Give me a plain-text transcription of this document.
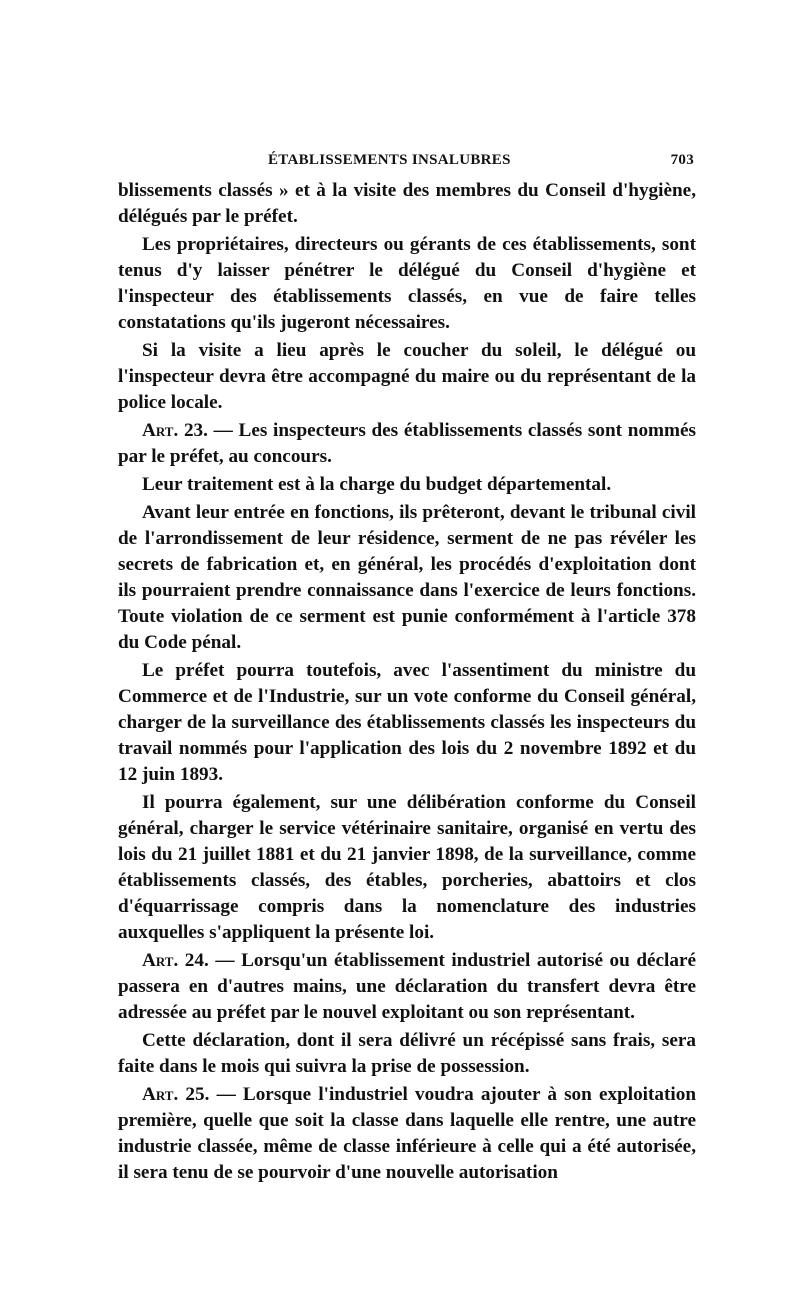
ÉTABLISSEMENTS INSALUBRES	703

blissements classés » et à la visite des membres du Conseil d'hygiène, délégués par le préfet.

Les propriétaires, directeurs ou gérants de ces établissements, sont tenus d'y laisser pénétrer le délégué du Conseil d'hygiène et l'inspecteur des établissements classés, en vue de faire telles constatations qu'ils jugeront nécessaires.

Si la visite a lieu après le coucher du soleil, le délégué ou l'inspecteur devra être accompagné du maire ou du représentant de la police locale.

Art. 23. — Les inspecteurs des établissements classés sont nommés par le préfet, au concours.

Leur traitement est à la charge du budget départemental.

Avant leur entrée en fonctions, ils prêteront, devant le tribunal civil de l'arrondissement de leur résidence, serment de ne pas révéler les secrets de fabrication et, en général, les procédés d'exploitation dont ils pourraient prendre connaissance dans l'exercice de leurs fonctions. Toute violation de ce serment est punie conformément à l'article 378 du Code pénal.

Le préfet pourra toutefois, avec l'assentiment du ministre du Commerce et de l'Industrie, sur un vote conforme du Conseil général, charger de la surveillance des établissements classés les inspecteurs du travail nommés pour l'application des lois du 2 novembre 1892 et du 12 juin 1893.

Il pourra également, sur une délibération conforme du Conseil général, charger le service vétérinaire sanitaire, organisé en vertu des lois du 21 juillet 1881 et du 21 janvier 1898, de la surveillance, comme établissements classés, des étables, porcheries, abattoirs et clos d'équarrissage compris dans la nomenclature des industries auxquelles s'appliquent la présente loi.

Art. 24. — Lorsqu'un établissement industriel autorisé ou déclaré passera en d'autres mains, une déclaration du transfert devra être adressée au préfet par le nouvel exploitant ou son représentant.

Cette déclaration, dont il sera délivré un récépissé sans frais, sera faite dans le mois qui suivra la prise de possession.

Art. 25. — Lorsque l'industriel voudra ajouter à son exploitation première, quelle que soit la classe dans laquelle elle rentre, une autre industrie classée, même de classe inférieure à celle qui a été autorisée, il sera tenu de se pourvoir d'une nouvelle autorisation
